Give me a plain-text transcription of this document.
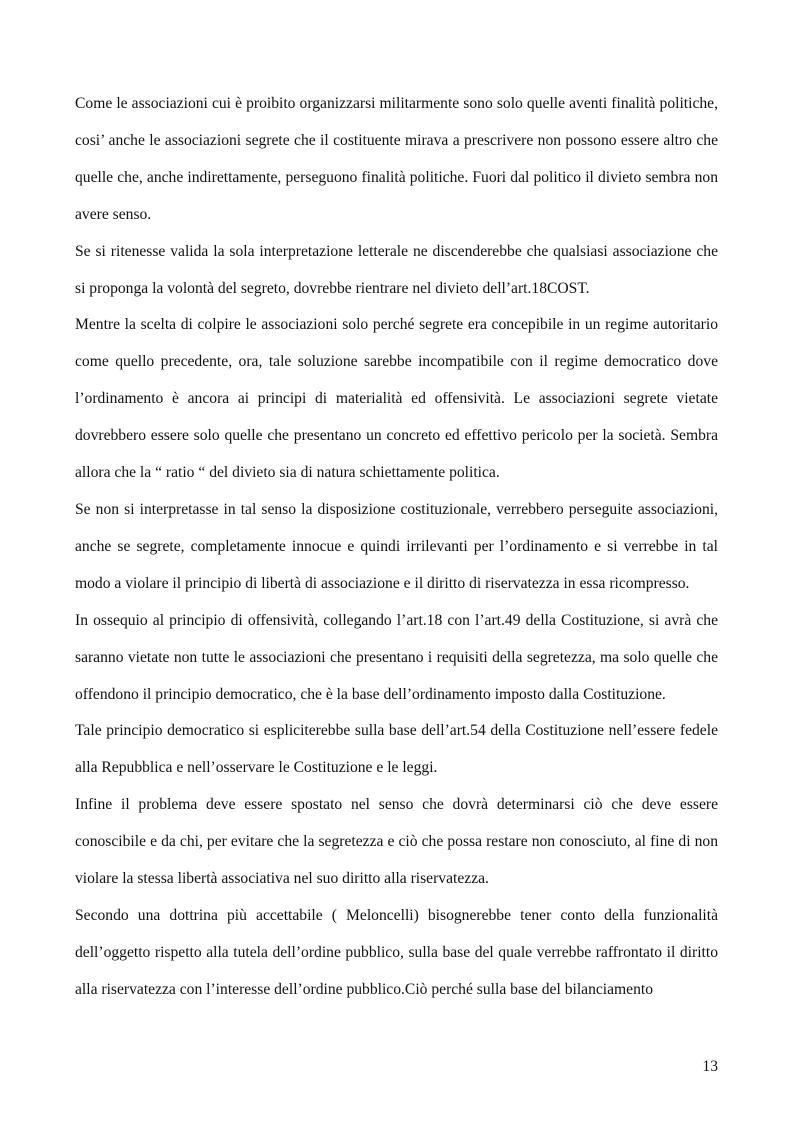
Come le associazioni cui è proibito organizzarsi militarmente sono solo quelle aventi finalità politiche, cosi’ anche le associazioni segrete che il costituente mirava a prescrivere non possono essere altro che quelle che, anche indirettamente, perseguono finalità politiche. Fuori dal politico il divieto sembra non avere senso.

Se si ritenesse valida la sola interpretazione letterale ne discenderebbe che qualsiasi associazione che si proponga la volontà del segreto, dovrebbe rientrare nel divieto dell’art.18COST.

Mentre la scelta di colpire le associazioni solo perché segrete era concepibile in un regime autoritario come quello precedente, ora, tale soluzione sarebbe incompatibile con il regime democratico dove l’ordinamento è ancora ai principi di materialità ed offensività. Le associazioni segrete vietate dovrebbero essere solo quelle che presentano un concreto ed effettivo pericolo per la società. Sembra allora che la “ ratio “ del divieto sia di natura schiettamente politica.

Se non si interpretasse in tal senso la disposizione costituzionale, verrebbero perseguite associazioni, anche se segrete, completamente innocue e quindi irrilevanti per l’ordinamento e si verrebbe in tal modo a violare il principio di libertà di associazione e il diritto di riservatezza in essa ricompresso.

In ossequio al principio di offensività, collegando l’art.18 con l’art.49 della Costituzione, si avrà che saranno vietate non tutte le associazioni che presentano i requisiti della segretezza, ma solo quelle che offendono il principio democratico, che è la base dell’ordinamento imposto dalla Costituzione.

Tale principio democratico si espliciterebbe sulla base dell’art.54 della Costituzione nell’essere fedele alla Repubblica e nell’osservare le Costituzione e le leggi.

Infine il problema deve essere spostato nel senso che dovrà determinarsi ciò che deve essere conoscibile e da chi, per evitare che la segretezza e ciò che possa restare non conosciuto, al fine di non violare la stessa libertà associativa nel suo diritto alla riservatezza.

Secondo una dottrina più accettabile ( Meloncelli) bisognerebbe tener conto della funzionalità dell’oggetto rispetto alla tutela dell’ordine pubblico, sulla base del quale verrebbe raffrontato il diritto alla riservatezza con l’interesse dell’ordine pubblico.Ciò perché sulla base del bilanciamento

13
